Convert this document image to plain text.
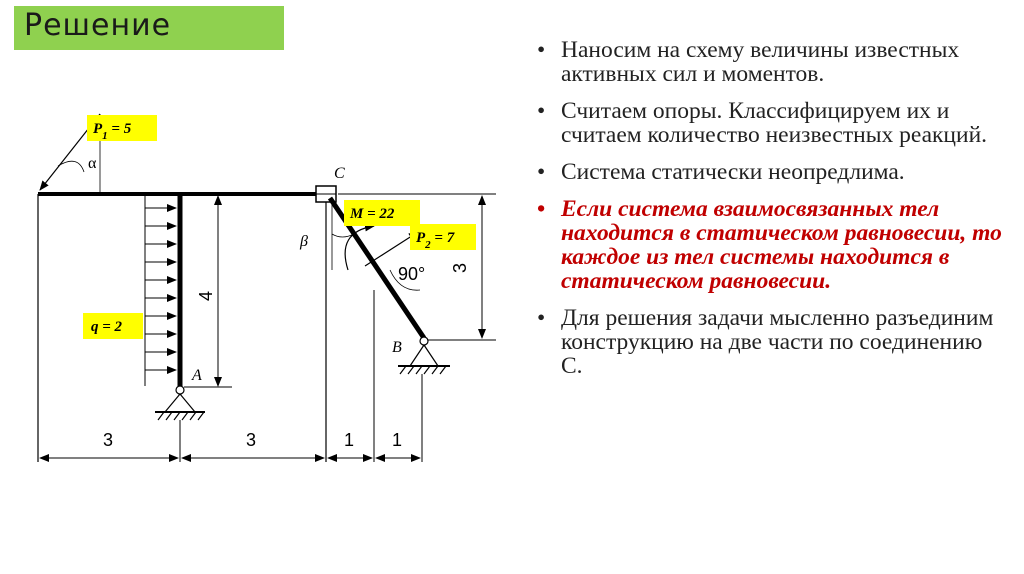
Решение
• Наносим на схему величины известных активных сил и моментов.
• Считаем опоры. Классифицируем их и считаем количество неизвестных реакций.
• Система статически неопредлима.
• Если система взаимосвязанных тел находится в статическом равновесии, то каждое из тел системы находится в статическом равновесии.
• Для решения задачи мысленно разъединим конструкцию на две части по соединению С.
4
α
$P_1 = 5$
q = 2
A
C
β
M = 22
$P_2 = 7$
90° 3
B
3	3	1 1
